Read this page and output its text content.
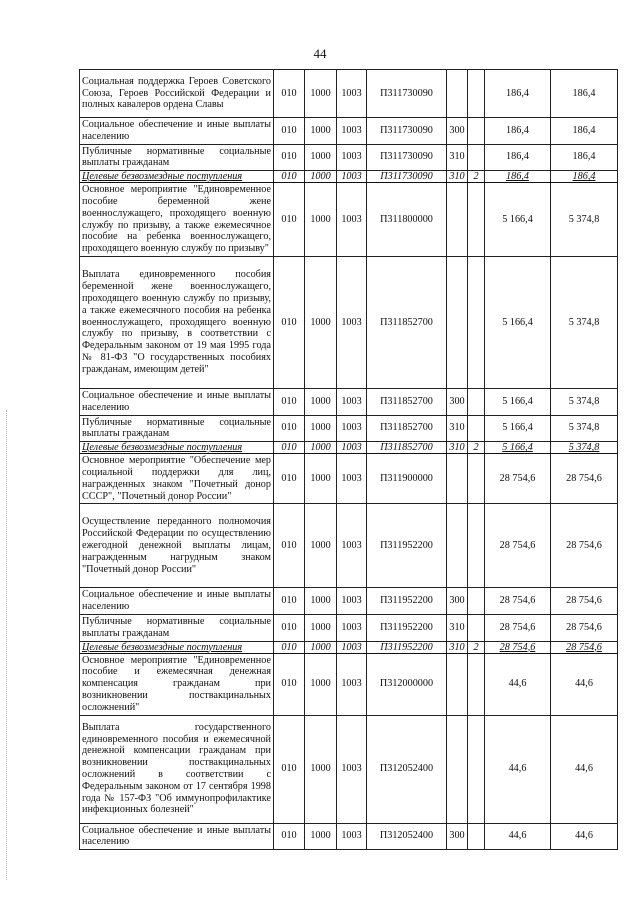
44
Социальная поддержка Героев Советского Союза, Героев Российской Федерации и полных кавалеров ордена Славы	010	1000	1003	П311730090			186,4	186,4
Социальное обеспечение и иные выплаты населению	010	1000	1003	П311730090	300		186,4	186,4
Публичные нормативные социальные выплаты гражданам	010	1000	1003	П311730090	310		186,4	186,4
Целевые безвозмездные поступления	010	1000	1003	П311730090	310	2	186,4	186,4
Основное мероприятие "Единовременное пособие беременной жене военнослужащего, проходящего военную службу по призыву, а также ежемесячное пособие на ребенка военнослужащего, проходящего военную службу по призыву"	010	1000	1003	П311800000			5 166,4	5 374,8
Выплата единовременного пособия беременной жене военнослужащего, проходящего военную службу по призыву, а также ежемесячного пособия на ребенка военнослужащего, проходящего военную службу по призыву, в соответствии с Федеральным законом от 19 мая 1995 года № 81-ФЗ "О государственных пособиях гражданам, имеющим детей"	010	1000	1003	П311852700			5 166,4	5 374,8
Социальное обеспечение и иные выплаты населению	010	1000	1003	П311852700	300		5 166,4	5 374,8
Публичные нормативные социальные выплаты гражданам	010	1000	1003	П311852700	310		5 166,4	5 374,8
Целевые безвозмездные поступления	010	1000	1003	П311852700	310	2	5 166,4	5 374,8
Основное мероприятие "Обеспечение мер социальной поддержки для лиц, награжденных знаком "Почетный донор СССР", "Почетный донор России"	010	1000	1003	П311900000			28 754,6	28 754,6
Осуществление переданного полномочия Российской Федерации по осуществлению ежегодной денежной выплаты лицам, награжденным нагрудным знаком "Почетный донор России"	010	1000	1003	П311952200			28 754,6	28 754,6
Социальное обеспечение и иные выплаты населению	010	1000	1003	П311952200	300		28 754,6	28 754,6
Публичные нормативные социальные выплаты гражданам	010	1000	1003	П311952200	310		28 754,6	28 754,6
Целевые безвозмездные поступления	010	1000	1003	П311952200	310	2	28 754,6	28 754,6
Основное мероприятие "Единовременное пособие и ежемесячная денежная компенсация гражданам при возникновении поствакцинальных осложнений"	010	1000	1003	П312000000			44,6	44,6
Выплата государственного единовременного пособия и ежемесячной денежной компенсации гражданам при возникновении поствакцинальных осложнений в соответствии с Федеральным законом от 17 сентября 1998 года № 157-ФЗ "Об иммунопрофилактике инфекционных болезней"	010	1000	1003	П312052400			44,6	44,6
Социальное обеспечение и иные выплаты населению	010	1000	1003	П312052400	300		44,6	44,6
